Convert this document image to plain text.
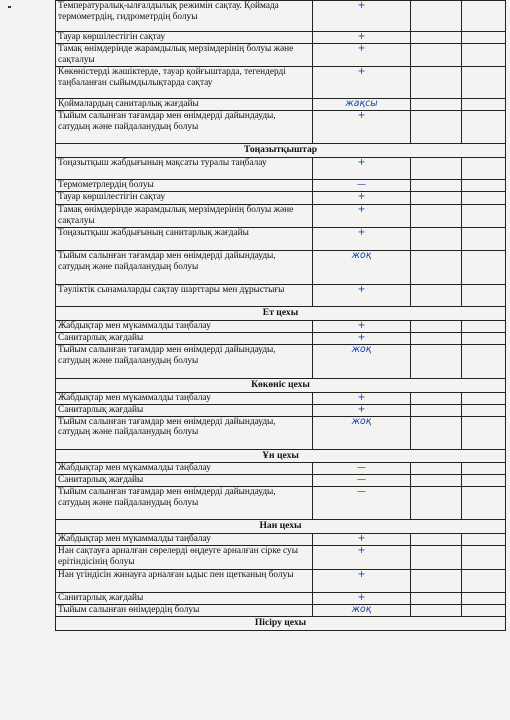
Температуралық-ылғалдылық режимін сақтау. Қоймада термометрдің, гидрометрдің болуы	+		
Тауар көршілестігін сақтау	+		
Тамақ өнімдерінде жарамдылық мерзімдерінің болуы және сақталуы	+		
Көкөністерді жәшіктерде, тауар қойғыштарда, тегендерді таңбаланған сыйымдылықтарда сақтау	+		
Қоймалардың санитарлық жағдайы	жақсы		
Тыйым салынған тағамдар мен өнімдерді дайындауды, сатудың және пайдаланудың болуы	+		
Тоңазытқыштар			
Тоңазытқыш жабдығының мақсаты туралы таңбалау	+		
Термометрлердің болуы	—		
Тауар көршілестігін сақтау	+		
Тамақ өнімдерінде жарамдылық мерзімдерінің болуы және сақталуы	+		
Тоңазытқыш жабдығының санитарлық жағдайы	+		
Тыйым салынған тағамдар мен өнімдерді дайындауды, сатудың және пайдаланудың болуы	жоқ		
Тәуліктік сынамаларды сақтау шарттары мен дұрыстығы	+		
Ет цехы			
Жабдықтар мен мүкаммалды таңбалау	+		
Санитарлық жағдайы	+		
Тыйым салынған тағамдар мен өнімдерді дайындауды, сатудың және пайдаланудың болуы	жоқ		
Көкөніс цехы			
Жабдықтар мен мүкаммалды таңбалау	+		
Санитарлық жағдайы	+		
Тыйым салынған тағамдар мен өнімдерді дайындауды, сатудың және пайдаланудың болуы	жоқ		
Ұн цехы			
Жабдықтар мен мүкаммалды таңбалау	—		
Санитарлық жағдайы	—		
Тыйым салынған тағамдар мен өнімдерді дайындауды, сатудың және пайдаланудың болуы	—		
Нан цехы			
Жабдықтар мен мүкаммалды таңбалау	+		
Нан сақтауға арналған сөрелерді өңдеуге арналған сірке суы ерітіндісінің болуы	+		
Нан үгіндісін жинауға арналған ыдыс пен щетканың болуы	+		
Санитарлық жағдайы	+		
Тыйым салынған өнімдердің болуы	жоқ		
Пісіру цехы			
